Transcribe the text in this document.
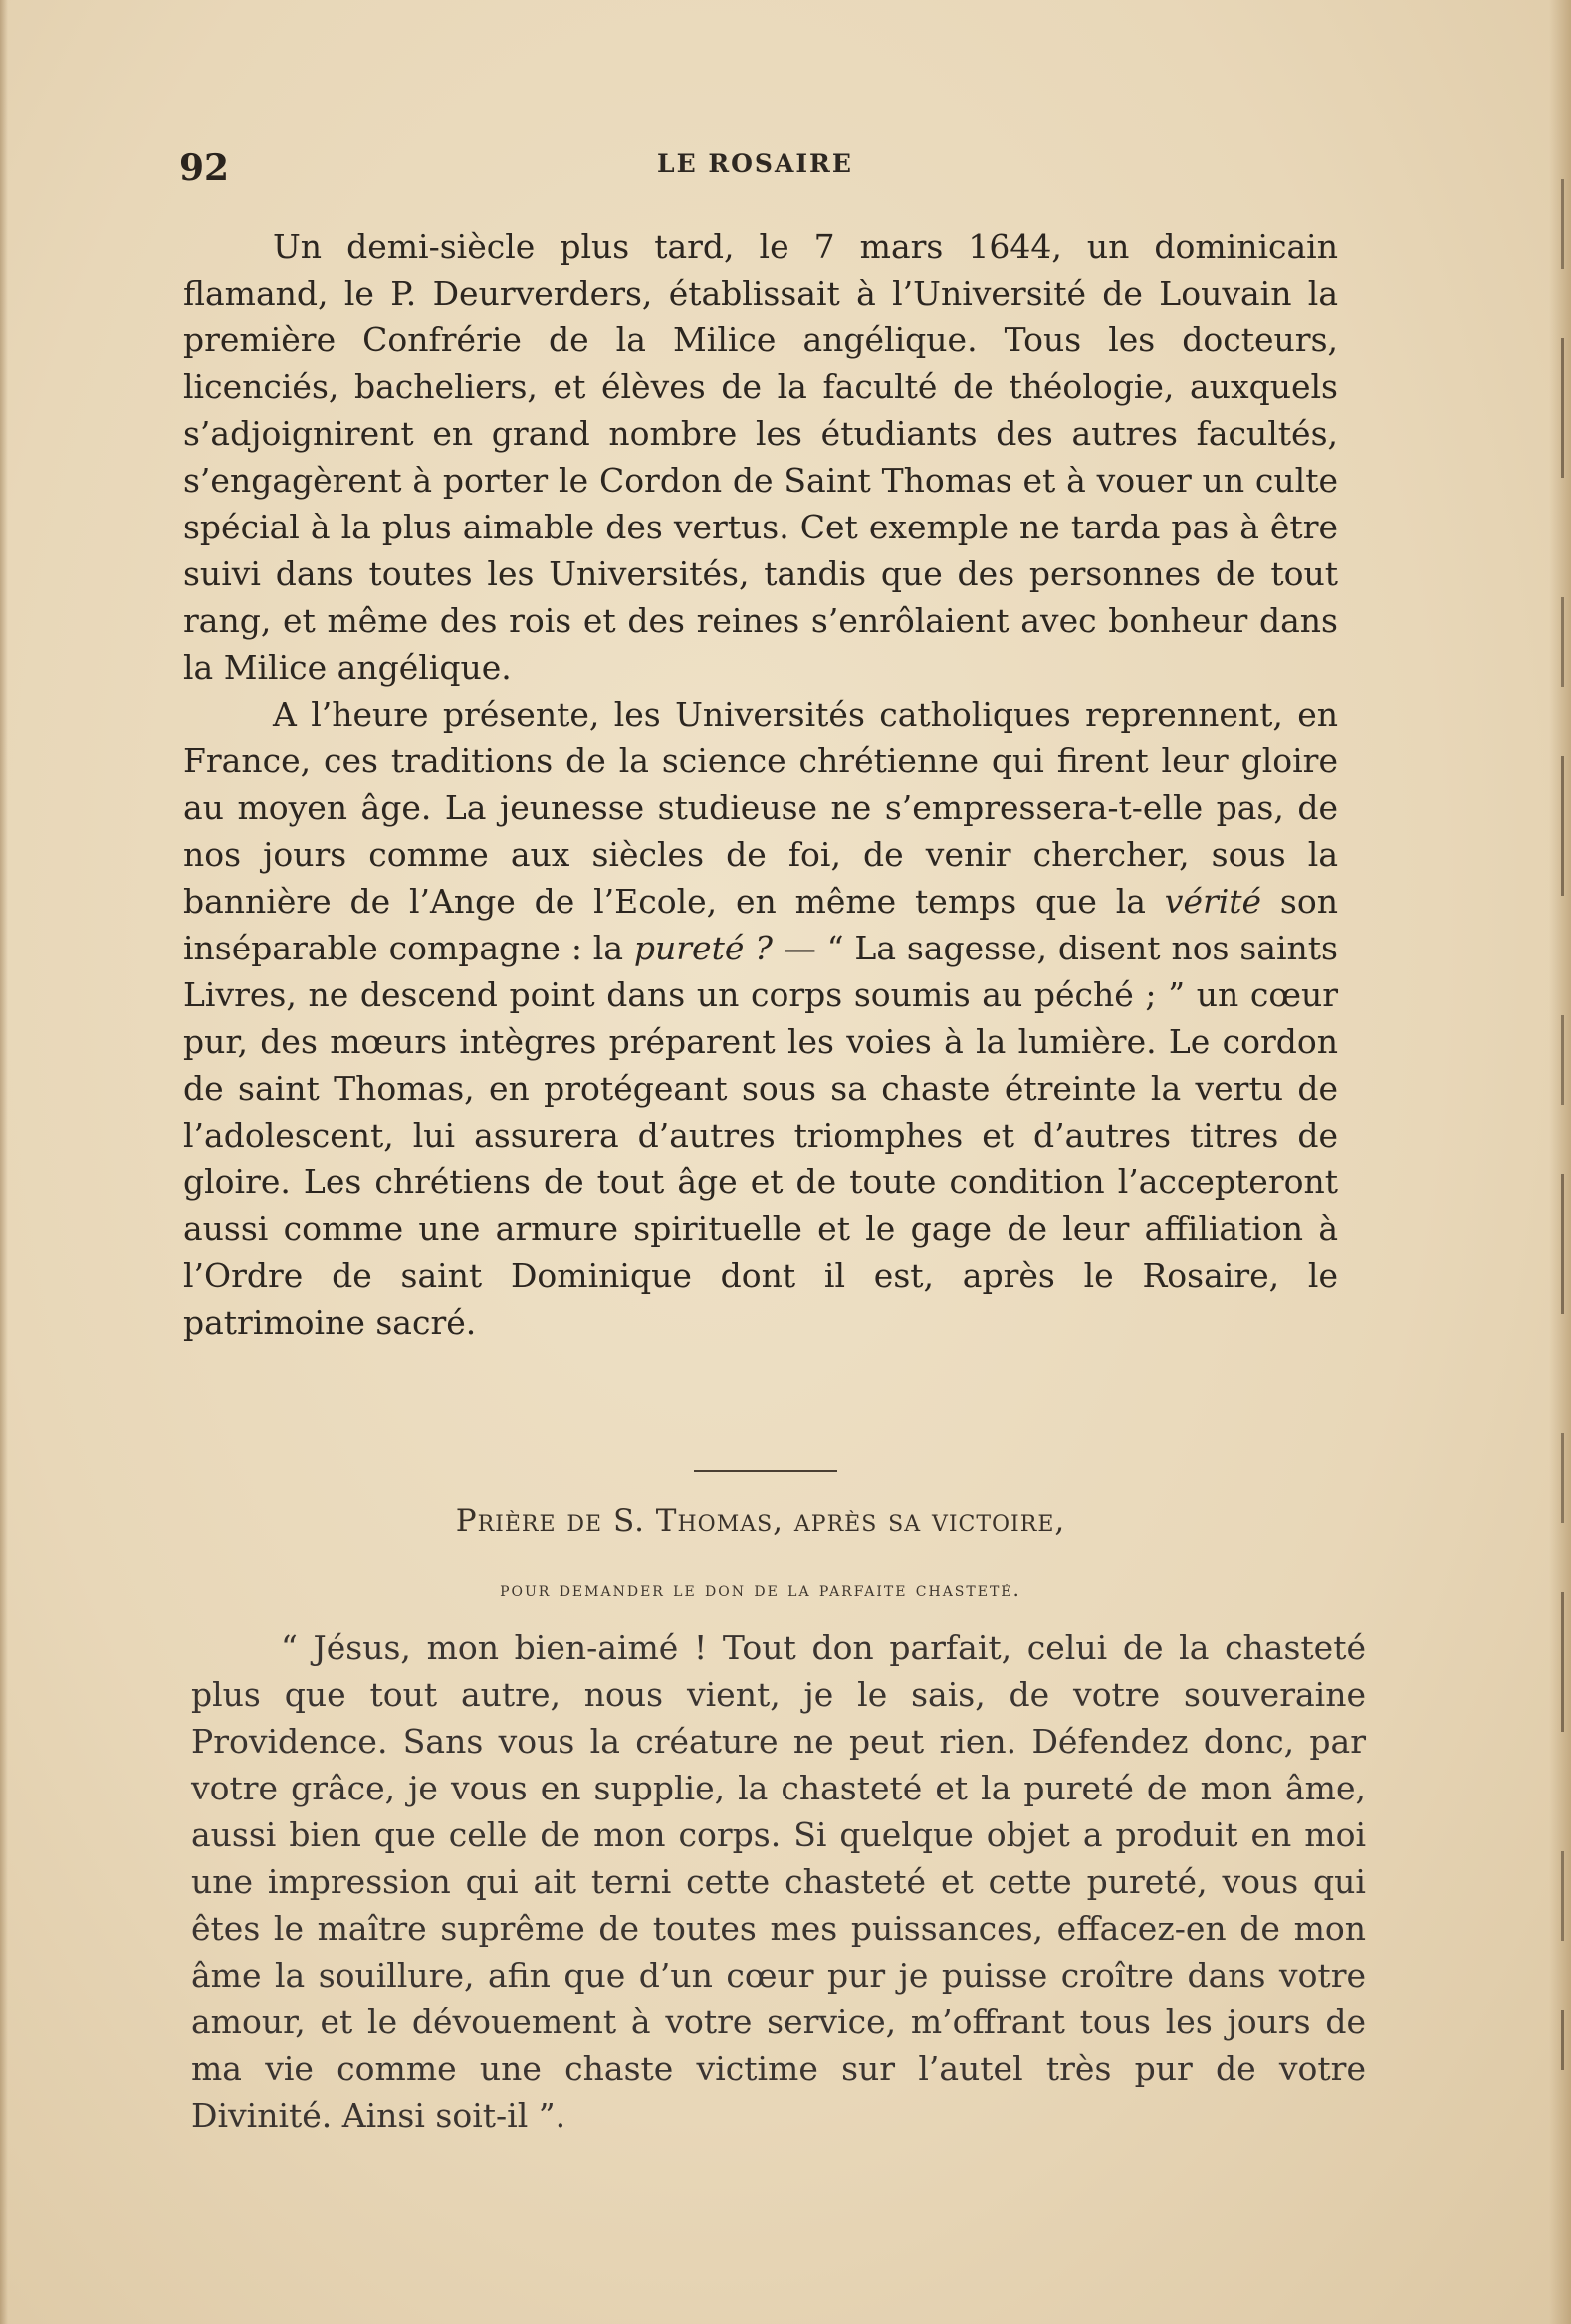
92	LE ROSAIRE

Un demi-siècle plus tard, le 7 mars 1644, un dominicain flamand, le P. Deurverders, établissait à l’Université de Louvain la première Confrérie de la Milice angélique. Tous les docteurs, licenciés, bacheliers, et élèves de la faculté de théologie, auxquels s’adjoignirent en grand nombre les étudiants des autres facultés, s’engagèrent à porter le Cordon de Saint Thomas et à vouer un culte spécial à la plus aimable des vertus. Cet exemple ne tarda pas à être suivi dans toutes les Universités, tandis que des personnes de tout rang, et même des rois et des reines s’enrôlaient avec bonheur dans la Milice angélique.

A l’heure présente, les Universités catholiques reprennent, en France, ces traditions de la science chrétienne qui firent leur gloire au moyen âge. La jeunesse studieuse ne s’empressera-t-elle pas, de nos jours comme aux siècles de foi, de venir chercher, sous la bannière de l’Ange de l’Ecole, en même temps que la vérité son inséparable compagne : la pureté ? — “ La sagesse, disent nos saints Livres, ne descend point dans un corps soumis au péché ; ” un cœur pur, des mœurs intègres préparent les voies à la lumière. Le cordon de saint Thomas, en protégeant sous sa chaste étreinte la vertu de l’adolescent, lui assurera d’autres triomphes et d’autres titres de gloire. Les chrétiens de tout âge et de toute condition l’accepteront aussi comme une armure spirituelle et le gage de leur affiliation à l’Ordre de saint Dominique dont il est, après le Rosaire, le patrimoine sacré.

Prière de S. Thomas, après sa victoire,
pour demander le don de la parfaite chasteté.

“ Jésus, mon bien-aimé ! Tout don parfait, celui de la chasteté plus que tout autre, nous vient, je le sais, de votre souveraine Providence. Sans vous la créature ne peut rien. Défendez donc, par votre grâce, je vous en supplie, la chasteté et la pureté de mon âme, aussi bien que celle de mon corps. Si quelque objet a produit en moi une impression qui ait terni cette chasteté et cette pureté, vous qui êtes le maître suprême de toutes mes puissances, effacez-en de mon âme la souillure, afin que d’un cœur pur je puisse croître dans votre amour, et le dévouement à votre service, m’offrant tous les jours de ma vie comme une chaste victime sur l’autel très pur de votre Divinité. Ainsi soit-il ”.
